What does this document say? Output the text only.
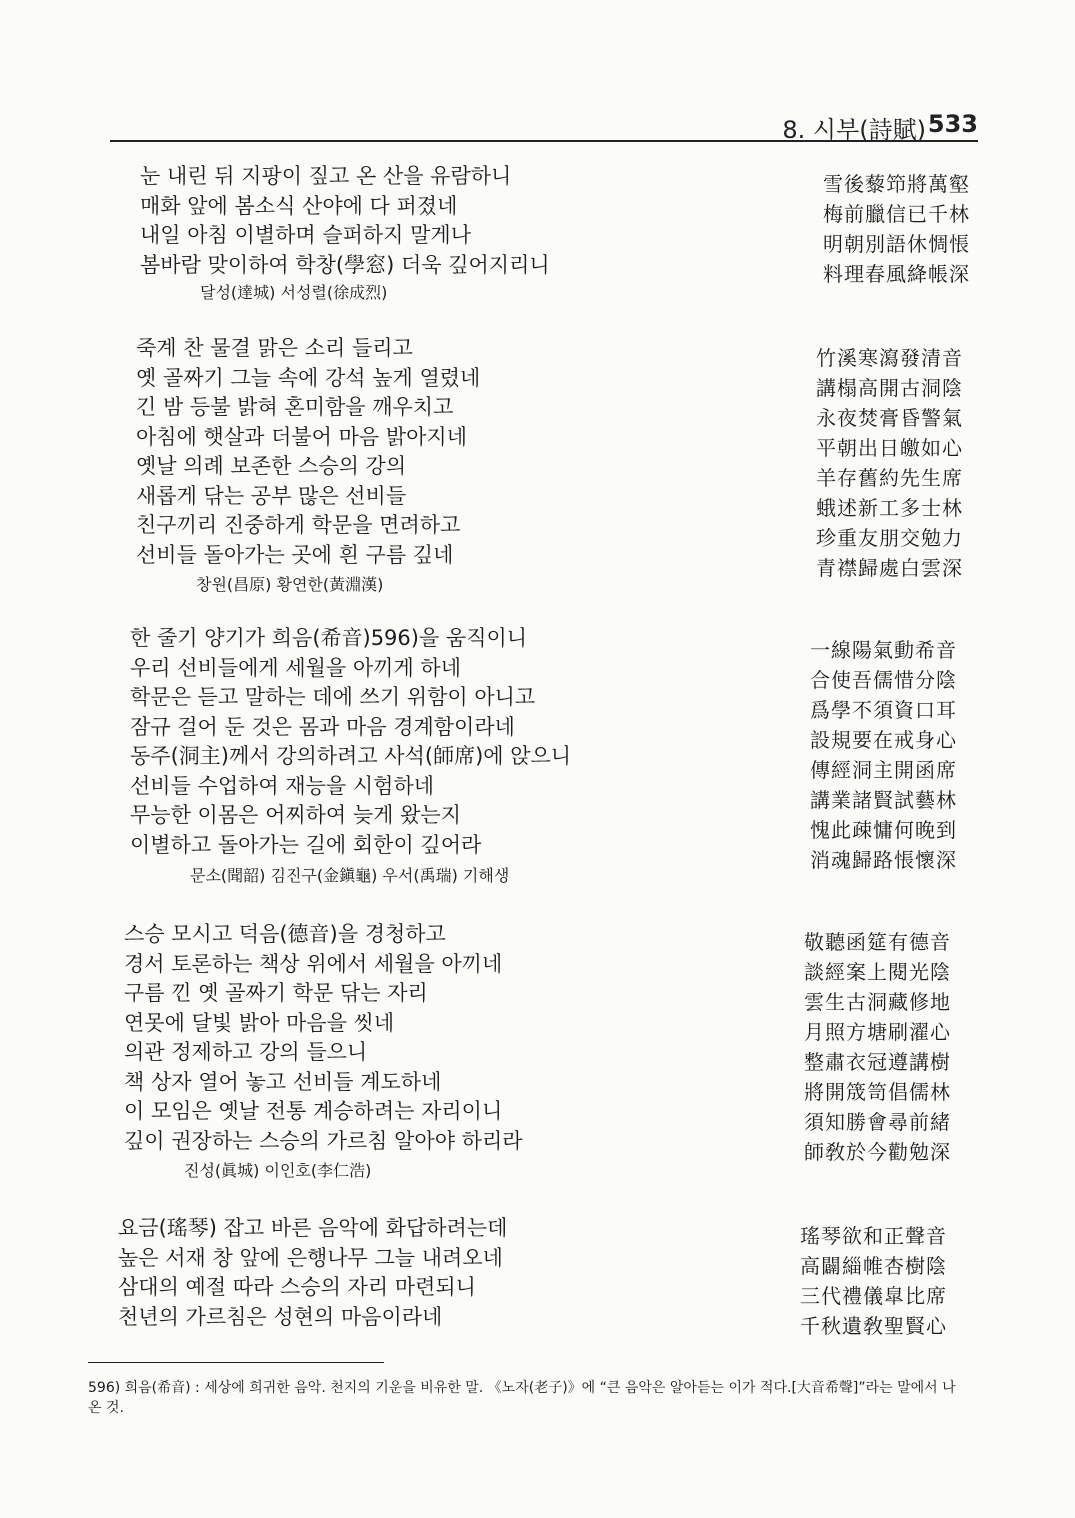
8. 시부(詩賦) 533
눈 내린 뒤 지팡이 짚고 온 산을 유람하니
매화 앞에 봄소식 산야에 다 퍼졌네
내일 아침 이별하며 슬퍼하지 말게나
봄바람 맞이하여 학창(學窓) 더욱 깊어지리니
달성(達城) 서성렬(徐成烈)
雪後藜笻將萬壑
梅前臘信已千林
明朝別語休惆悵
料理春風絳帳深
죽계 찬 물결 맑은 소리 들리고
옛 골짜기 그늘 속에 강석 높게 열렸네
긴 밤 등불 밝혀 혼미함을 깨우치고
아침에 햇살과 더불어 마음 밝아지네
옛날 의례 보존한 스승의 강의
새롭게 닦는 공부 많은 선비들
친구끼리 진중하게 학문을 면려하고
선비들 돌아가는 곳에 흰 구름 깊네
창원(昌原) 황연한(黃淵漢)
竹溪寒瀉發清音
講榻高開古洞陰
永夜焚膏昏警氣
平朝出日皦如心
羊存舊約先生席
蛾述新工多士林
珍重友朋交勉力
青襟歸處白雲深
한 줄기 양기가 희음(希音)596)을 움직이니
우리 선비들에게 세월을 아끼게 하네
학문은 듣고 말하는 데에 쓰기 위함이 아니고
잠규 걸어 둔 것은 몸과 마음 경계함이라네
동주(洞主)께서 강의하려고 사석(師席)에 앉으니
선비들 수업하여 재능을 시험하네
무능한 이몸은 어찌하여 늦게 왔는지
이별하고 돌아가는 길에 회한이 깊어라
문소(聞韶) 김진구(金鎭龜) 우서(禹瑞) 기해생
一線陽氣動希音
合使吾儒惜分陰
爲學不須資口耳
設規要在戒身心
傳經洞主開函席
講業諸賢試藝林
愧此疎慵何晚到
消魂歸路悵懷深
스승 모시고 덕음(德音)을 경청하고
경서 토론하는 책상 위에서 세월을 아끼네
구름 낀 옛 골짜기 학문 닦는 자리
연못에 달빛 밝아 마음을 씻네
의관 정제하고 강의 들으니
책 상자 열어 놓고 선비들 계도하네
이 모임은 옛날 전통 계승하려는 자리이니
깊이 권장하는 스승의 가르침 알아야 하리라
진성(眞城) 이인호(李仁浩)
敬聽函筵有德音
談經案上閱光陰
雲生古洞藏修地
月照方塘刷濯心
整肅衣冠遵講樹
將開筬笥倡儒林
須知勝會尋前緒
師敎於今勸勉深
요금(瑤琴) 잡고 바른 음악에 화답하려는데
높은 서재 창 앞에 은행나무 그늘 내려오네
삼대의 예절 따라 스승의 자리 마련되니
천년의 가르침은 성현의 마음이라네
瑤琴欲和正聲音
高闢緇帷杏樹陰
三代禮儀皐比席
千秋遺敎聖賢心
596) 희음(希音) : 세상에 희귀한 음악. 천지의 기운을 비유한 말. 《노자(老子)》에 “큰 음악은 알아듣는 이가 적다.[大音希聲]”라는 말에서 나온 것.
